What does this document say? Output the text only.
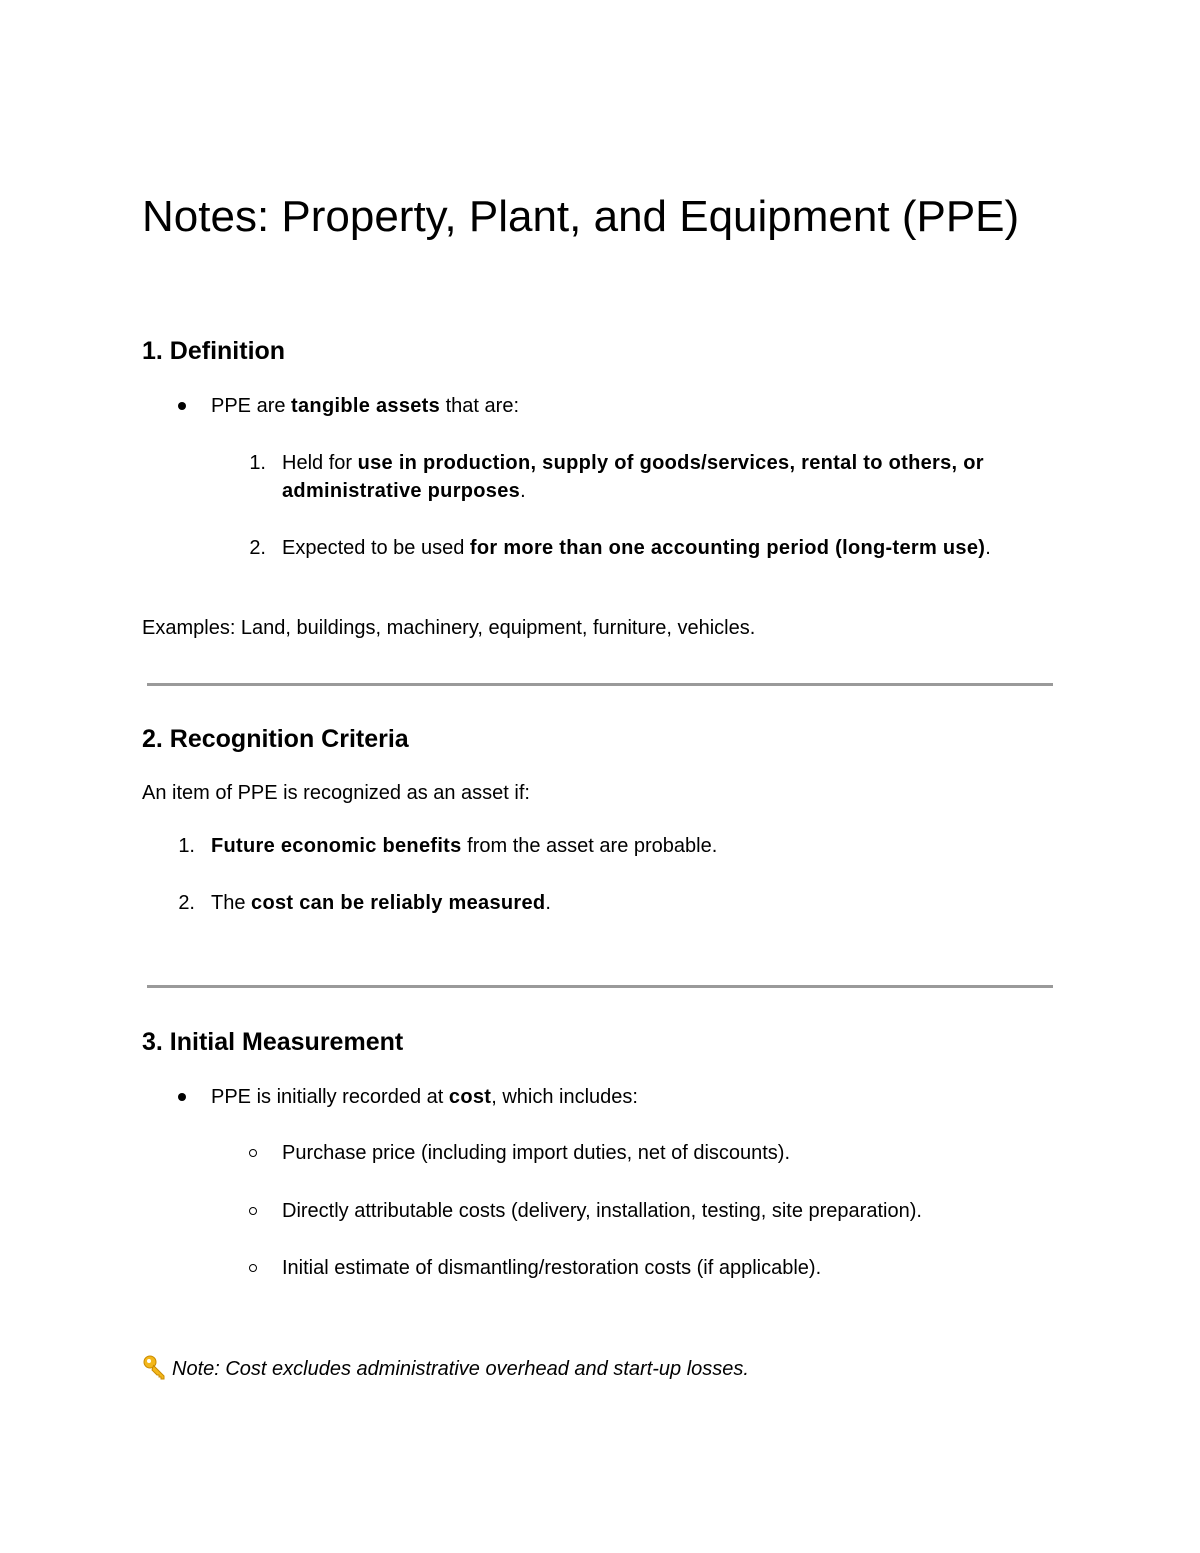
Notes: Property, Plant, and Equipment (PPE)
1. Definition

PPE are tangible assets that are:

1. Held for use in production, supply of goods/services, rental to others, or

administrative purposes.

2. Expected to be used for more than one accounting period (long-term use).

Examples: Land, buildings, machinery, equipment, furniture, vehicles.

2. Recognition Criteria

An item of PPE is recognized as an asset if:

1. Future economic benefits from the asset are probable.

2. The cost can be reliably measured.

3. Initial Measurement

PPE is initially recorded at cost, which includes:

Purchase price (including import duties, net of discounts).

Directly attributable costs (delivery, installation, testing, site preparation).

Initial estimate of dismantling/restoration costs (if applicable).

Note: Cost excludes administrative overhead and start-up losses.
